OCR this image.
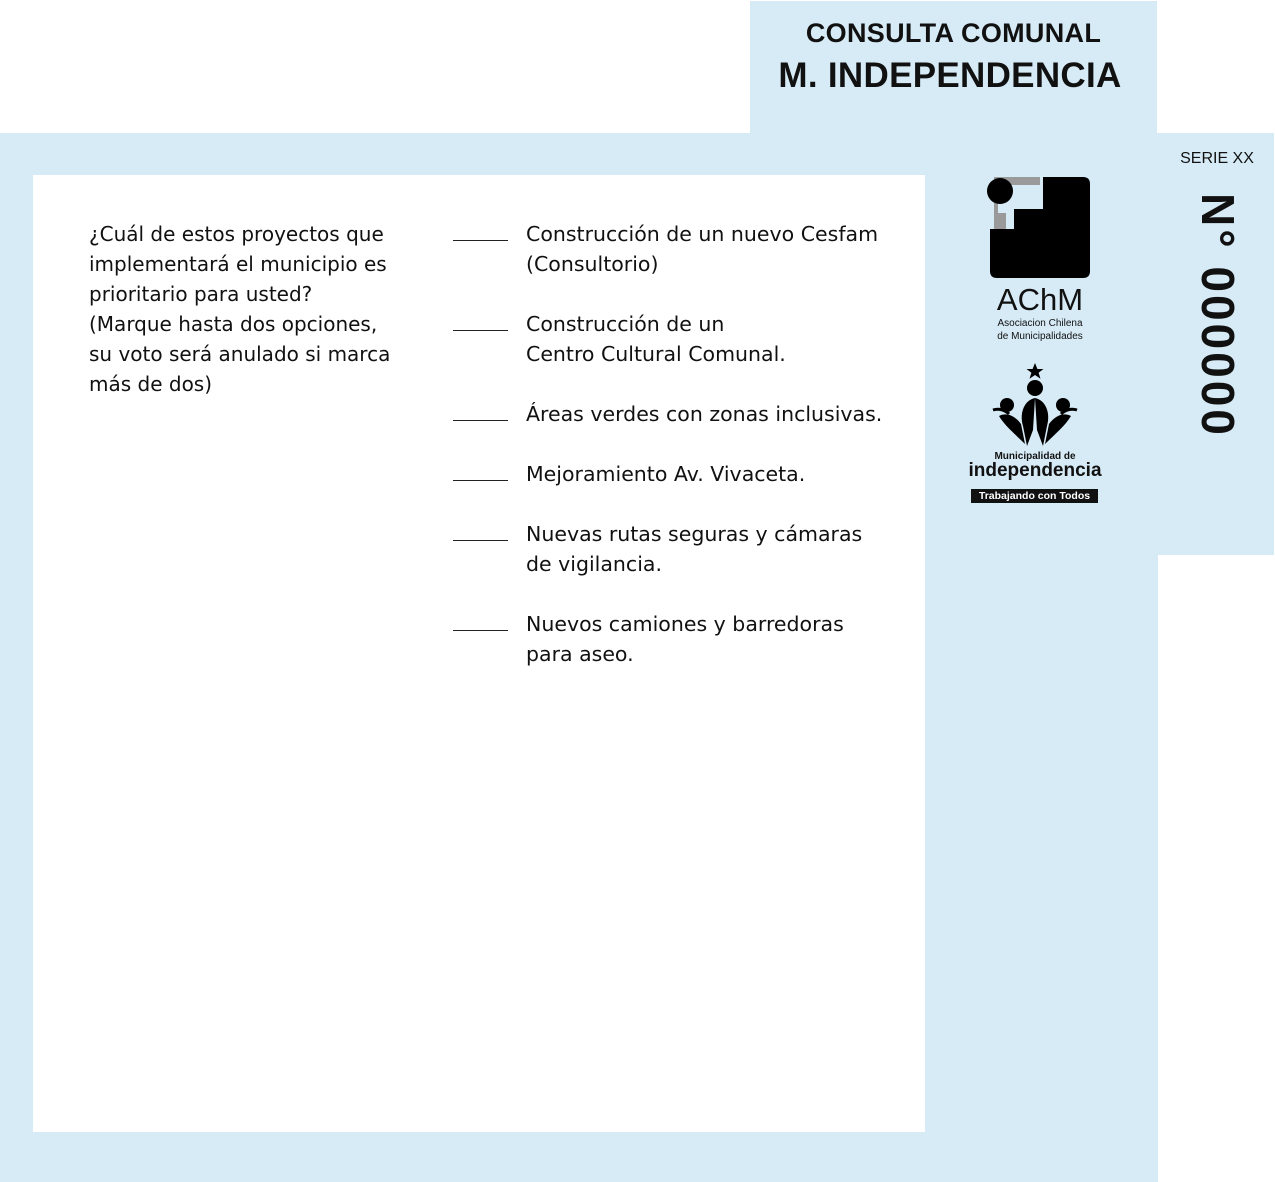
CONSULTA COMUNAL
M. INDEPENDENCIA
¿Cuál de estos proyectos que
implementará el municipio es
prioritario para usted?
(Marque hasta dos opciones,
su voto será anulado si marca
más de dos)
Construcción de un nuevo Cesfam
(Consultorio)
Construcción de un
Centro Cultural Comunal.
Áreas verdes con zonas inclusivas.
Mejoramiento Av. Vivaceta.
Nuevas rutas seguras y cámaras
de vigilancia.
Nuevos camiones y barredoras
para aseo.
SERIE XX
N° 000000
AChM
Asociacion Chilena
de Municipalidades
Municipalidad de
independencia
Trabajando con Todos
